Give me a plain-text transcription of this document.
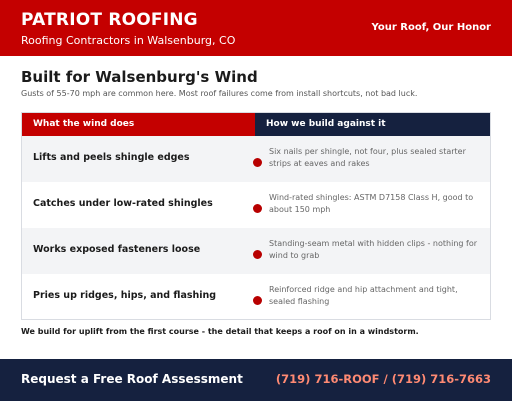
PATRIOT ROOFING
Roofing Contractors in Walsenburg, CO
Your Roof, Our Honor
Built for Walsenburg's Wind

Gusts of 55-70 mph are common here. Most roof failures come from install shortcuts, not bad luck.

What the wind does	How we build against it
Lifts and peels shingle edges
Six nails per shingle, not four, plus sealed starter strips at eaves and rakes
Catches under low-rated shingles
Wind-rated shingles: ASTM D7158 Class H, good to about 150 mph
Works exposed fasteners loose
Standing-seam metal with hidden clips - nothing for wind to grab
Pries up ridges, hips, and flashing
Reinforced ridge and hip attachment and tight, sealed flashing

We build for uplift from the first course - the detail that keeps a roof on in a windstorm.

Request a Free Roof Assessment	(719) 716-ROOF / (719) 716-7663
